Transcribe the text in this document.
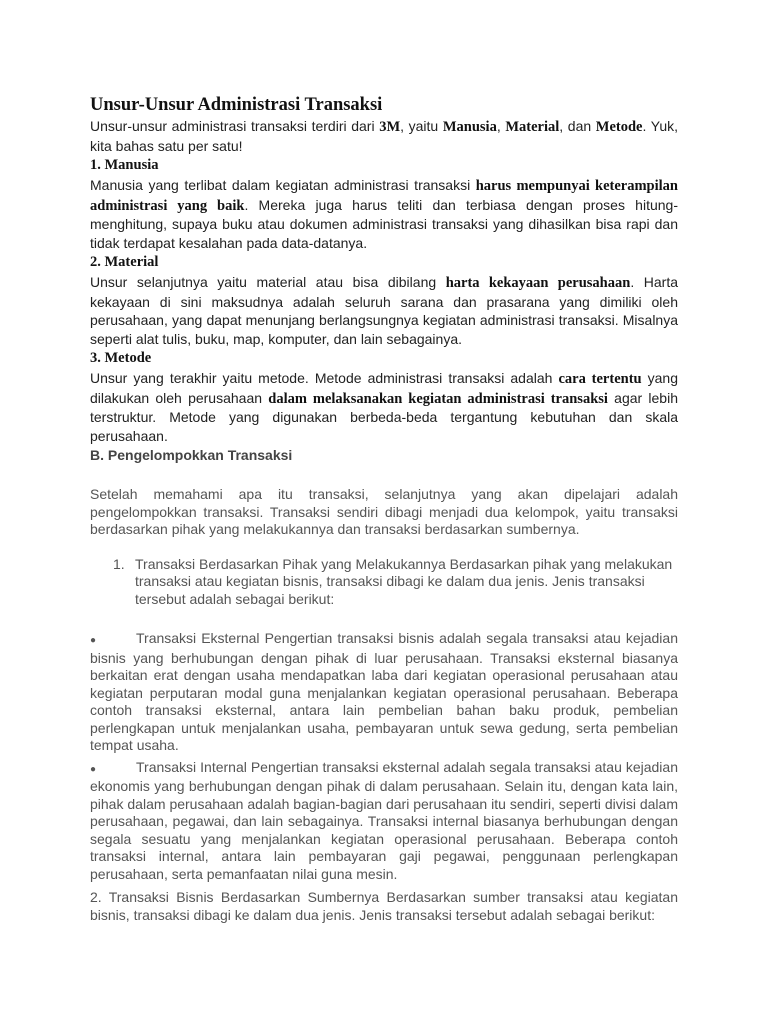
Unsur-Unsur Administrasi Transaksi

Unsur-unsur administrasi transaksi terdiri dari 3M, yaitu Manusia, Material, dan Metode. Yuk, kita bahas satu per satu!

1. Manusia

Manusia yang terlibat dalam kegiatan administrasi transaksi harus mempunyai keterampilan administrasi yang baik. Mereka juga harus teliti dan terbiasa dengan proses hitung-menghitung, supaya buku atau dokumen administrasi transaksi yang dihasilkan bisa rapi dan tidak terdapat kesalahan pada data-datanya.

2. Material

Unsur selanjutnya yaitu material atau bisa dibilang harta kekayaan perusahaan. Harta kekayaan di sini maksudnya adalah seluruh sarana dan prasarana yang dimiliki oleh perusahaan, yang dapat menunjang berlangsungnya kegiatan administrasi transaksi. Misalnya seperti alat tulis, buku, map, komputer, dan lain sebagainya.

3. Metode

Unsur yang terakhir yaitu metode. Metode administrasi transaksi adalah cara tertentu yang dilakukan oleh perusahaan dalam melaksanakan kegiatan administrasi transaksi agar lebih terstruktur. Metode yang digunakan berbeda-beda tergantung kebutuhan dan skala perusahaan.

B. Pengelompokkan Transaksi

Setelah memahami apa itu transaksi, selanjutnya yang akan dipelajari adalah pengelompokkan transaksi. Transaksi sendiri dibagi menjadi dua kelompok, yaitu transaksi berdasarkan pihak yang melakukannya dan transaksi berdasarkan sumbernya.

1. Transaksi Berdasarkan Pihak yang Melakukannya Berdasarkan pihak yang melakukan transaksi atau kegiatan bisnis, transaksi dibagi ke dalam dua jenis. Jenis transaksi tersebut adalah sebagai berikut:

●	Transaksi Eksternal Pengertian transaksi bisnis adalah segala transaksi atau kejadian bisnis yang berhubungan dengan pihak di luar perusahaan. Transaksi eksternal biasanya berkaitan erat dengan usaha mendapatkan laba dari kegiatan operasional perusahaan atau kegiatan perputaran modal guna menjalankan kegiatan operasional perusahaan. Beberapa contoh transaksi eksternal, antara lain pembelian bahan baku produk, pembelian perlengkapan untuk menjalankan usaha, pembayaran untuk sewa gedung, serta pembelian tempat usaha.

●	Transaksi Internal Pengertian transaksi eksternal adalah segala transaksi atau kejadian ekonomis yang berhubungan dengan pihak di dalam perusahaan. Selain itu, dengan kata lain, pihak dalam perusahaan adalah bagian-bagian dari perusahaan itu sendiri, seperti divisi dalam perusahaan, pegawai, dan lain sebagainya. Transaksi internal biasanya berhubungan dengan segala sesuatu yang menjalankan kegiatan operasional perusahaan. Beberapa contoh transaksi internal, antara lain pembayaran gaji pegawai, penggunaan perlengkapan perusahaan, serta pemanfaatan nilai guna mesin.

2. Transaksi Bisnis Berdasarkan Sumbernya Berdasarkan sumber transaksi atau kegiatan bisnis, transaksi dibagi ke dalam dua jenis. Jenis transaksi tersebut adalah sebagai berikut:
